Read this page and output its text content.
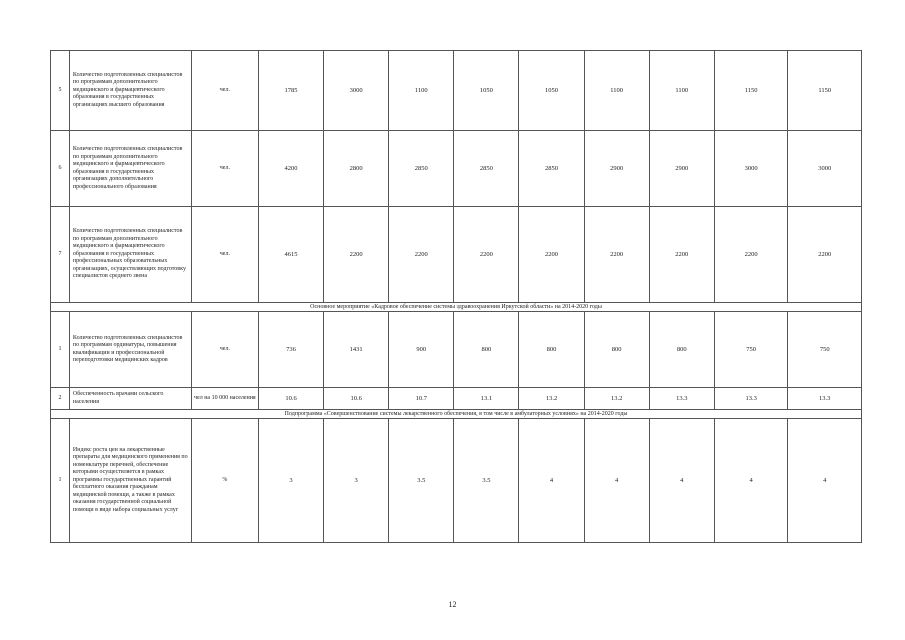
5	Количество подготовленных специалистов по программам дополнительного медицинского и фармацевтического образования в государственных организациях высшего образования	чел.	1785	3000	1100	1050	1050	1100	1100	1150	1150
6	Количество подготовленных специалистов по программам дополнительного медицинского и фармацевтического образования в государственных организациях дополнительного профессионального образования	чел.	4200	2800	2850	2850	2850	2900	2900	3000	3000
7	Количество подготовленных специалистов по программам дополнительного медицинского и фармацевтического образования в государственных профессиональных образовательных организациях, осуществляющих подготовку специалистов среднего звена	чел.	4615	2200	2200	2200	2200	2200	2200	2200	2200
Основное мероприятие «Кадровое обеспечение системы здравоохранения Иркутской области» на 2014-2020 годы											
1	Количество подготовленных специалистов по программам ординатуры, повышения квалификации и профессиональной переподготовки медицинских кадров	чел.	736	1431	900	800	800	800	800	750	750
2	Обеспеченность врачами сельского населения	чел на 10 000 населения	10.6	10.6	10.7	13.1	13.2	13.2	13.3	13.3	13.3
Подпрограмма «Совершенствование системы лекарственного обеспечения, в том числе в амбулаторных условиях» на 2014-2020 годы											
1	Индекс роста цен на лекарственные препараты для медицинского применения по номенклатуре перечней, обеспечение которыми осуществляется в рамках программы государственных гарантий бесплатного оказания гражданам медицинской помощи, а также в рамках оказания государственной социальной помощи в виде набора социальных услуг	%	3	3	3.5	3.5	4	4	4	4	4
12
